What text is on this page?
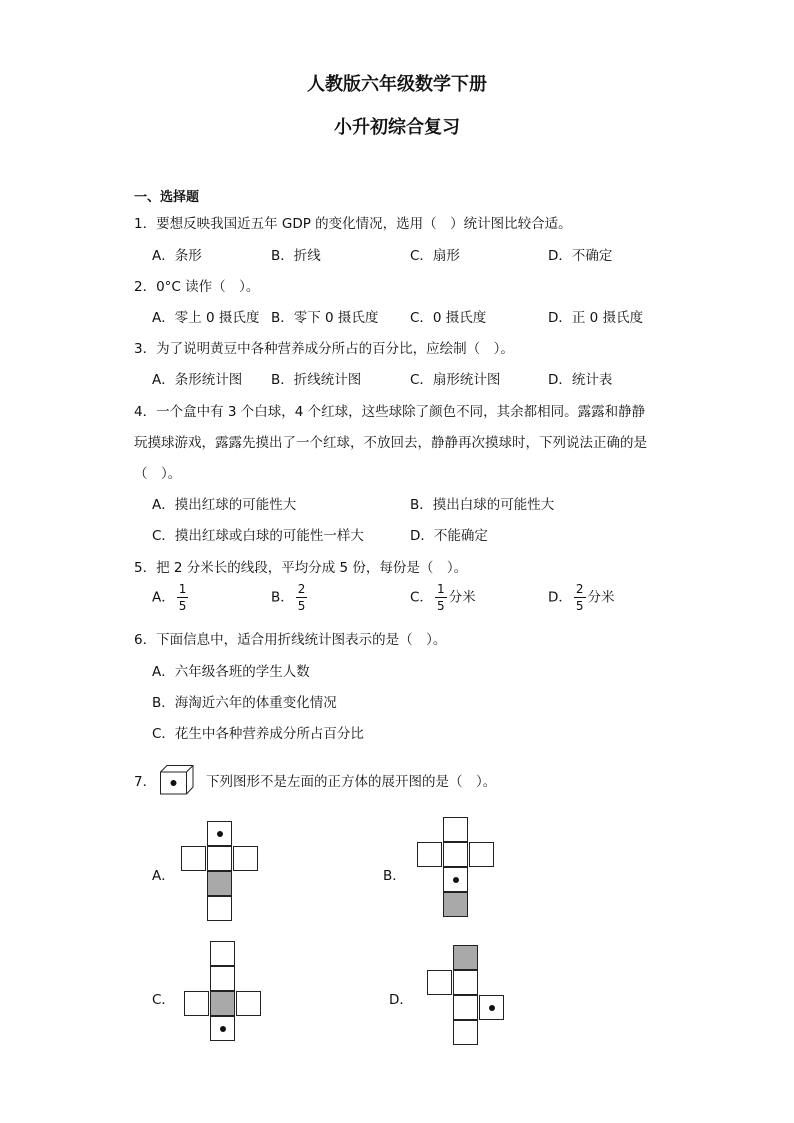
人教版六年级数学下册
小升初综合复习
一、选择题
1．要想反映我国近五年 GDP 的变化情况，选用（　）统计图比较合适。
A．条形	B．折线	C．扇形	D．不确定
2．0°C 读作（　）。
A．零上 0 摄氏度 B．零下 0 摄氏度 C．0 摄氏度	D．正 0 摄氏度
3．为了说明黄豆中各种营养成分所占的百分比，应绘制（　）。
A．条形统计图 B．折线统计图	C．扇形统计图	D．统计表
4．一个盒中有 3 个白球，4 个红球，这些球除了颜色不同，其余都相同。露露和静静
玩摸球游戏，露露先摸出了一个红球，不放回去，静静再次摸球时，下列说法正确的是
（　）。
A．摸出红球的可能性大	B．摸出白球的可能性大
C．摸出红球或白球的可能性一样大	D．不能确定
5．把 2 分米长的线段，平均分成 5 份，每份是（　）。
A． $\frac{1}{5}$	B． $\frac{2}{5}$	C． $\frac{1}{5}$ 分米	D． $\frac{2}{5}$ 分米
6．下面信息中，适合用折线统计图表示的是（　）。
A．六年级各班的学生人数
B．海淘近六年的体重变化情况
C．花生中各种营养成分所占百分比
7．	下列图形不是左面的正方体的展开图的是（　）。
A．	B．
C．	D．
